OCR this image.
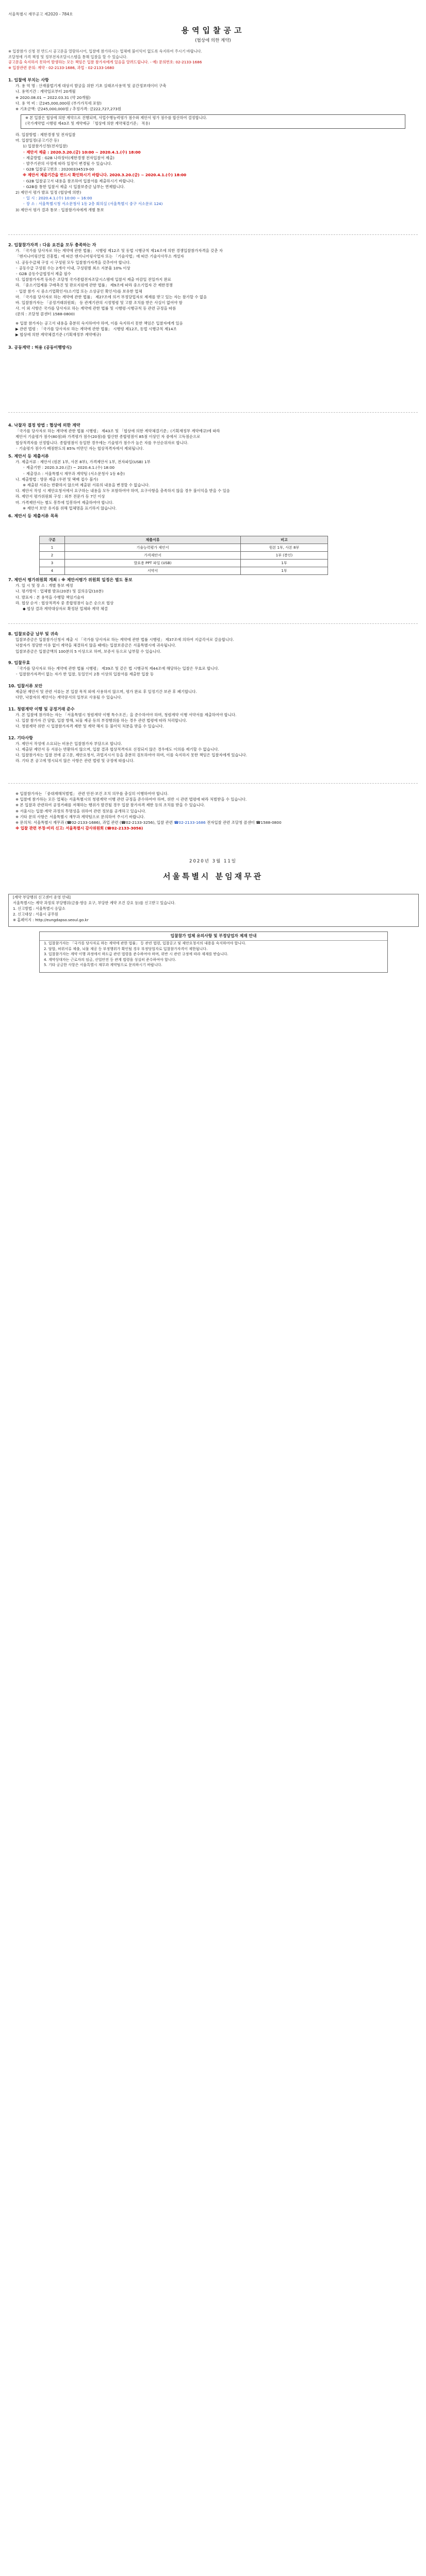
서울특별시 재무공고 제2020 - 784호
용역입찰공고
(협상에 의한 계약)
※ 입찰참가 신청 전 반드시 공고문을 열람하시어, 입찰에 참가하시는 업체에 불이익이 없도록 숙지하여 주시기 바랍니다.
조달청에 가격 책정 및 정부전자조달시스템을 통해 입찰을 할 수 있습니다.
공고문을 숙지하지 못하여 발생하는 모든 책임은 입찰 참가자에게 있음을 알려드립니다. - 예) 문의번호: 02-2133-1686
※ 입찰관련 문의: 계약 - 02-2133-1686, 과업 - 02-2133-1680
1. 입찰에 부치는 사항
가. 용 역 명 : 산재불법기계 대상지 발굴을 위한 기초 실태조사용역 및 공간정보데이터 구축
나. 용역기간 : 계약일로부터 20개월
※ 2020.08.01 ~ 2022.03.31 (약 20개월)
다. 용 역 비 : 금245,000,000원 (부가가치세 포함)
※ 기초금액: 금245,000,000원 / 추정가격: 금222,727,273원
※ 본 입찰은 협상에 의한 계약으로 진행되며, 사업수행능력평가 점수와 제안서 평가 점수를 합산하여 결정합니다.
(국가계약법 시행령 제43조 및 계약예규 「협상에 의한 계약체결기준」 적용)
라. 입찰방법 : 제한경쟁 및 전자입찰
마. 입찰일정(공고기간 등)
1) 입찰참가신청(전자입찰)
◦ 제안서 제출 : 2020.3.20.(금) 10:00 ~ 2020.4.1.(수) 18:00
◦ 제출방법 : G2B 나라장터(제한경쟁 전자입찰서 제출)
◦ 발주기관의 사정에 따라 일정이 변경될 수 있습니다.
◦ G2B 입찰공고번호 : 20200334519-00
※ 제안서 제출기간을 반드시 확인하시기 바랍니다. 2020.3.20.(금) ~ 2020.4.1.(수) 18:00
◦ G2B 입찰공고서 내용을 참조하여 입찰서를 제출하시기 바랍니다.
◦ G2B를 통한 입찰서 제출 시 입찰보증금 납부는 면제합니다.
2) 제안서 평가 발표 일정 (협상에 의한)
◦ 일 시 : 2020.4.1.(수) 10:00 ~ 16:00
◦ 장 소 : 서울특별시청 서소문청사 1동 2층 회의실 (서울특별시 중구 서소문로 124)
3) 제안서 평가 결과 통보 : 입찰참가자에게 개별 통보
2. 입찰참가자격 : 다음 요건을 모두 충족하는 자
가. 「국가를 당사자로 하는 계약에 관한 법률」 시행령 제12조 및 동법 시행규칙 제14조에 의한 경쟁입찰참가자격을 갖춘 자
「엔지니어링산업 진흥법」에 따른 엔지니어링사업자 또는 「기술사법」에 따른 기술사사무소 개설자
나. 공동수급체 구성 시 구성원 모두 입찰참가자격을 갖추어야 합니다.
◦ 공동수급 구성원 수는 2개사 이내, 구성원별 최소 지분율 10% 이상
◦ G2B 공동수급협정서 제출 필수
다. 입찰참가자격 등록은 조달청 국가종합전자조달시스템에 입찰서 제출 마감일 전일까지 완료
라. 「중소기업제품 구매촉진 및 판로지원에 관한 법률」 제9조에 따라 중소기업자 간 제한경쟁
◦ 입찰 참가 시 중소기업확인서(소기업 또는 소상공인 확인서)를 보유한 업체
마. 「국가를 당사자로 하는 계약에 관한 법률」 제27조에 의거 부정당업자로 제재를 받고 있는 자는 참가할 수 없음
바. 입찰참가자는 「공정거래위원회」 등 관계기관의 시정명령 및 고발 조치를 받은 사실이 없어야 함
사. 이 외 사항은 국가를 당사자로 하는 계약에 관한 법률 및 시행령·시행규칙 등 관련 규정을 따름
(문의 : 조달청 콜센터 1588-0800)
※ 입찰 참가자는 공고서 내용을 충분히 숙지하여야 하며, 이를 숙지하지 못한 책임은 입찰자에게 있음
▶ 관련 법령 : 「국가를 당사자로 하는 계약에 관한 법률」 시행령 제12조, 동법 시행규칙 제14조
▶ 협상에 의한 계약체결기준 (기획재정부 계약예규)
3. 공동계약 : 허용 (공동이행방식)
4. 낙찰자 결정 방법 : 협상에 의한 계약
「국가를 당사자로 하는 계약에 관한 법률 시행령」 제43조 및 「협상에 의한 계약체결기준」(기획재정부 계약예규)에 따라
제안서 기술평가 점수(80점)와 가격평가 점수(20점)를 합산한 종합평점이 85점 이상인 자 중에서 고득점순으로
협상적격자를 선정합니다. 종합평점이 동일한 경우에는 기술평가 점수가 높은 자를 우선순위자로 합니다.
◦ 기술평가 점수가 배점한도의 85% 미만인 자는 협상적격자에서 제외됩니다.
5. 제안서 등 제출서류
가. 제출서류 : 제안서 (원본 1부, 사본 8부), 가격제안서 1부, 전자파일(USB) 1부
◦ 제출기한 : 2020.3.20.(금) ~ 2020.4.1.(수) 18:00
◦ 제출장소 : 서울특별시 재무과 계약팀 (서소문청사 1동 6층)
나. 제출방법 : 방문 제출 (우편 및 택배 접수 불가)
※ 제출된 서류는 반환하지 않으며 제출된 서류의 내용을 변경할 수 없습니다.
다. 제안서 작성 시 제안요청서에서 요구하는 내용을 모두 포함하여야 하며, 요구사항을 충족하지 않을 경우 불이익을 받을 수 있음
라. 제안서 평가위원회 구성 : 외부 전문가 등 7인 이상
마. 가격제안서는 별도 봉투에 밀봉하여 제출하여야 합니다.
※ 제안서 보안 유지를 위해 업체명을 표기하지 않습니다.
6. 제안서 등 제출서류 목록
구분	제출서류	비고
1	기술능력평가 제안서	원본 1부, 사본 8부
2	가격제안서	1부 (봉인)
3	발표용 PPT 파일 (USB)	1부
4	서약서	1부
7. 제안서 평가위원회 개최 : ※ 제안서평가 위원회 일정은 별도 통보
가. 일 시 및 장 소 : 개별 통보 예정
나. 평가방식 : 업체별 발표(20분) 및 질의응답(10분)
다. 발표자 : 본 용역을 수행할 책임기술자
라. 협상 순서 : 협상적격자 중 종합평점이 높은 순으로 협상
◆ 협상 결과 계약대상자로 확정된 업체와 계약 체결
8. 입찰보증금 납부 및 귀속
입찰보증금은 입찰참가신청서 제출 시 「국가를 당사자로 하는 계약에 관한 법률 시행령」 제37조에 의하여 지급각서로 갈음합니다.
낙찰자가 정당한 이유 없이 계약을 체결하지 않을 때에는 입찰보증금은 서울특별시에 귀속됩니다.
입찰보증금은 입찰금액의 100분의 5 이상으로 하며, 보증서 등으로 납부할 수 있습니다.

9. 입찰무효
「국가를 당사자로 하는 계약에 관한 법률 시행령」 제39조 및 같은 법 시행규칙 제44조에 해당하는 입찰은 무효로 합니다.
◦ 입찰참가자격이 없는 자가 한 입찰, 동일인이 2통 이상의 입찰서를 제출한 입찰 등

10. 입찰서류 보안
제출된 제안서 및 관련 서류는 본 입찰 목적 외에 사용하지 않으며, 평가 완료 후 일정기간 보관 후 폐기합니다.
다만, 낙찰자의 제안서는 계약문서의 일부로 사용될 수 있습니다.

11. 청렴계약 이행 및 공정거래 준수
가. 본 입찰에 참가하는 자는 「서울특별시 청렴계약 이행 특수조건」을 준수하여야 하며, 청렴계약 이행 서약서를 제출하여야 합니다.
나. 입찰 참가자 간 담합, 입찰 방해, 뇌물 제공 등의 부정행위를 하는 경우 관련 법령에 따라 처리합니다.
다. 청렴계약 위반 시 입찰참가자격 제한 및 계약 해지 등 불이익 처분을 받을 수 있습니다.

12. 기타사항
가. 제안서 작성에 소요되는 비용은 입찰참가자 부담으로 합니다.
나. 제출된 제안서 등 서류는 반환하지 않으며, 입찰 결과 협상적격자로 선정되지 않은 경우에도 이의를 제기할 수 없습니다.
다. 입찰참가자는 입찰 전에 공고문, 제안요청서, 과업지시서 등을 충분히 검토하여야 하며, 이를 숙지하지 못한 책임은 입찰자에게 있습니다.
라. 기타 본 공고에 명시되지 않은 사항은 관련 법령 및 규정에 따릅니다.
※ 입찰참가자는 「중대재해처벌법」 관련 안전·보건 조치 의무를 충실히 이행하여야 합니다.
※ 입찰에 참가하는 모든 업체는 서울특별시의 청렴계약 이행 관련 규정을 준수하여야 하며, 위반 시 관련 법령에 따라 처벌받을 수 있습니다.
※ 본 입찰과 관련하여 공정거래를 저해하는 행위가 발견될 경우 입찰 참가자격 제한 등의 조치를 받을 수 있습니다.
※ 서울시는 입찰·계약 과정의 투명성을 위하여 관련 정보를 공개하고 있습니다.
※ 기타 문의 사항은 서울특별시 재무과 계약팀으로 문의하여 주시기 바랍니다.
※ 문의처: 서울특별시 재무과 (☎02-2133-1686), 과업 관련 (☎02-2133-3256), 입찰 관련 ☎02-2133-1686 전자입찰 관련 조달청 콜센터 ☎1588-0800
※ 입찰 관련 부정·비리 신고: 서울특별시 감사위원회 (☎02-2133-3056)
2020년 3월 11일
서울특별시 분임재무관
[계약 부당행위 신고센터 운영 안내]
서울특별시는 계약 과정의 부당행위(금품·향응 요구, 부당한 계약 조건 강요 등)를 신고받고 있습니다.
1. 신고방법 : 서울특별시 응답소
2. 신고대상 : 서울시 공무원
※ 홈페이지 : http://eungdapso.seoul.go.kr
입찰참가 업체 유의사항 및 부정당업자 제재 안내
1. 입찰참가자는 「국가를 당사자로 하는 계약에 관한 법률」 등 관련 법령, 입찰공고 및 제안요청서의 내용을 숙지하여야 합니다.
2. 담합, 허위서류 제출, 뇌물 제공 등 부정행위가 확인될 경우 부정당업자로 입찰참가자격이 제한됩니다.
3. 입찰참가자는 계약 이행 과정에서 하도급 관련 법령을 준수하여야 하며, 위반 시 관련 규정에 따라 제재를 받습니다.
4. 계약상대자는 근로자의 임금, 산업안전 등 관계 법령을 성실히 준수하여야 합니다.
5. 기타 궁금한 사항은 서울특별시 재무과 계약팀으로 문의하시기 바랍니다.
